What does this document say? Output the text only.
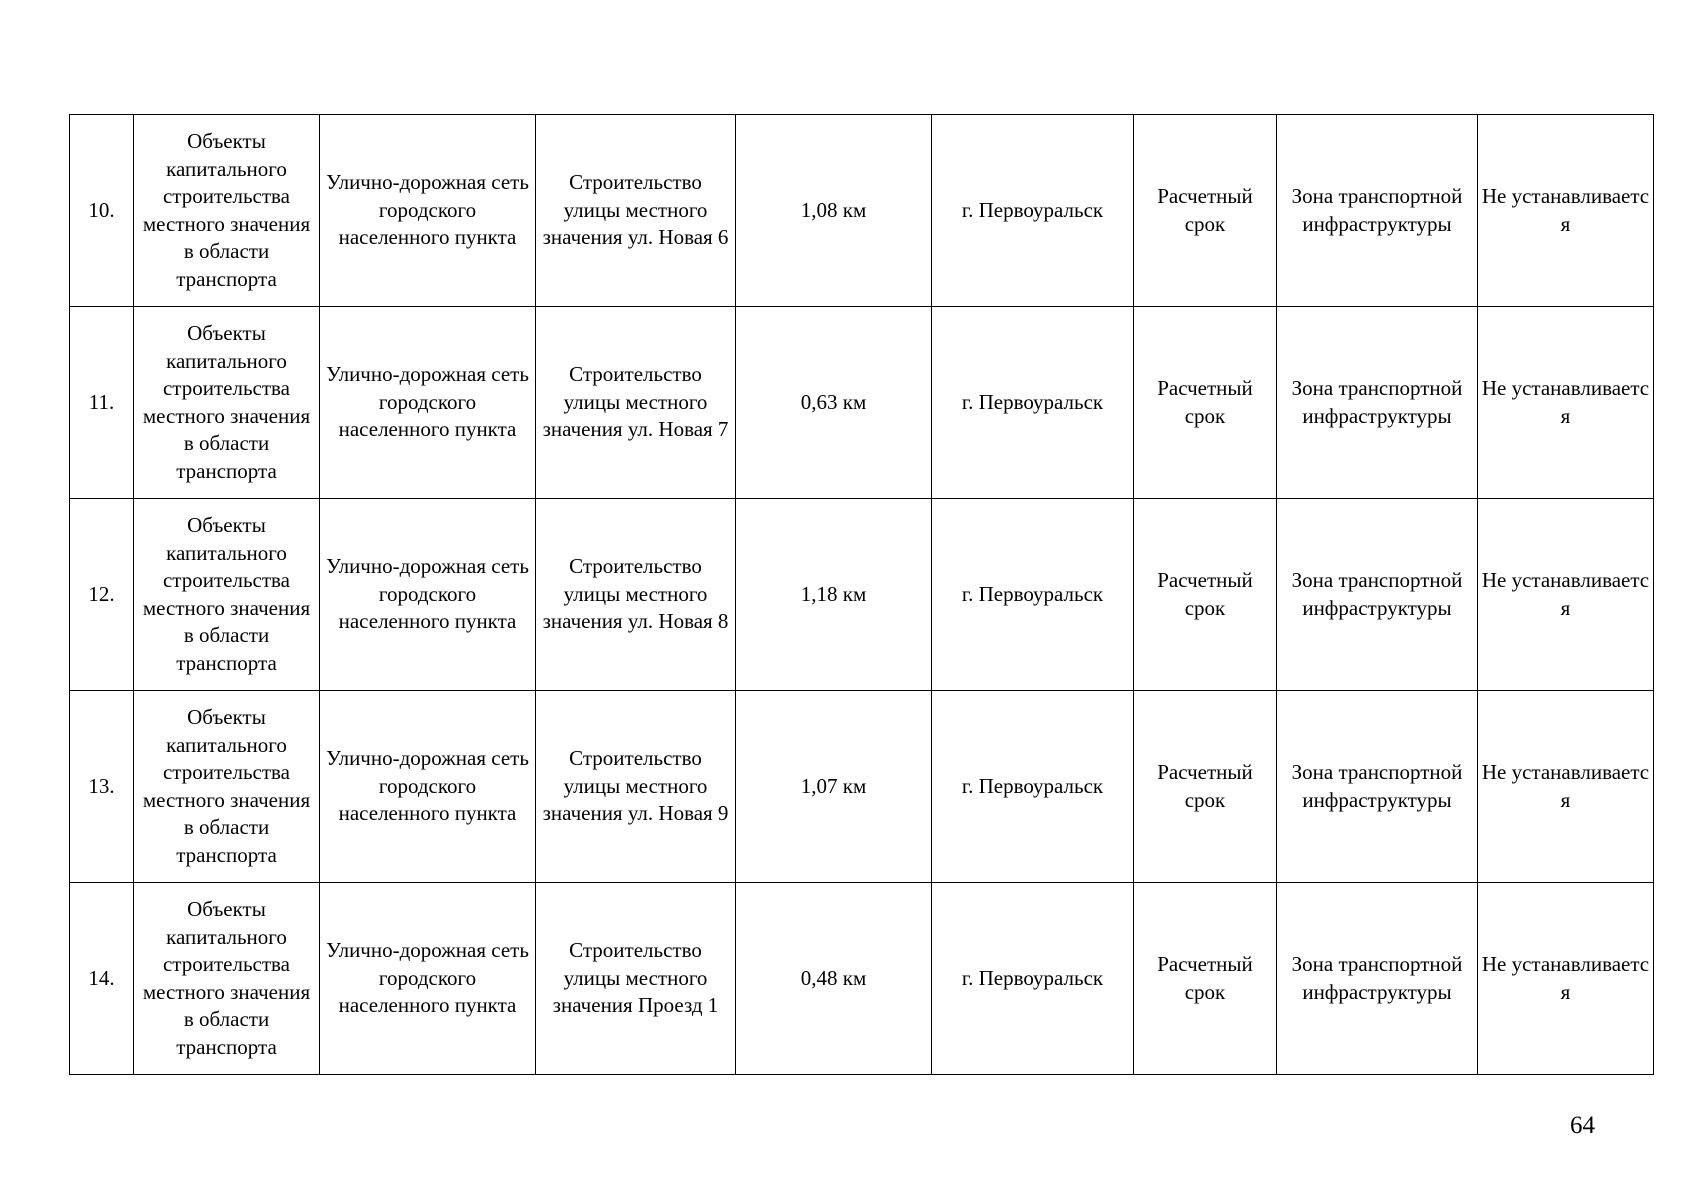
10.	Объекты капитального строительства местного значения в области транспорта	Улично-дорожная сеть городского населенного пункта	Строительство улицы местного значения ул. Новая 6	1,08 км	г. Первоуральск	Расчетный срок	Зона транспортной инфраструктуры	Не устанавливается
11.	Объекты капитального строительства местного значения в области транспорта	Улично-дорожная сеть городского населенного пункта	Строительство улицы местного значения ул. Новая 7	0,63 км	г. Первоуральск	Расчетный срок	Зона транспортной инфраструктуры	Не устанавливается
12.	Объекты капитального строительства местного значения в области транспорта	Улично-дорожная сеть городского населенного пункта	Строительство улицы местного значения ул. Новая 8	1,18 км	г. Первоуральск	Расчетный срок	Зона транспортной инфраструктуры	Не устанавливается
13.	Объекты капитального строительства местного значения в области транспорта	Улично-дорожная сеть городского населенного пункта	Строительство улицы местного значения ул. Новая 9	1,07 км	г. Первоуральск	Расчетный срок	Зона транспортной инфраструктуры	Не устанавливается
14.	Объекты капитального строительства местного значения в области транспорта	Улично-дорожная сеть городского населенного пункта	Строительство улицы местного значения Проезд 1	0,48 км	г. Первоуральск	Расчетный срок	Зона транспортной инфраструктуры	Не устанавливается
64
